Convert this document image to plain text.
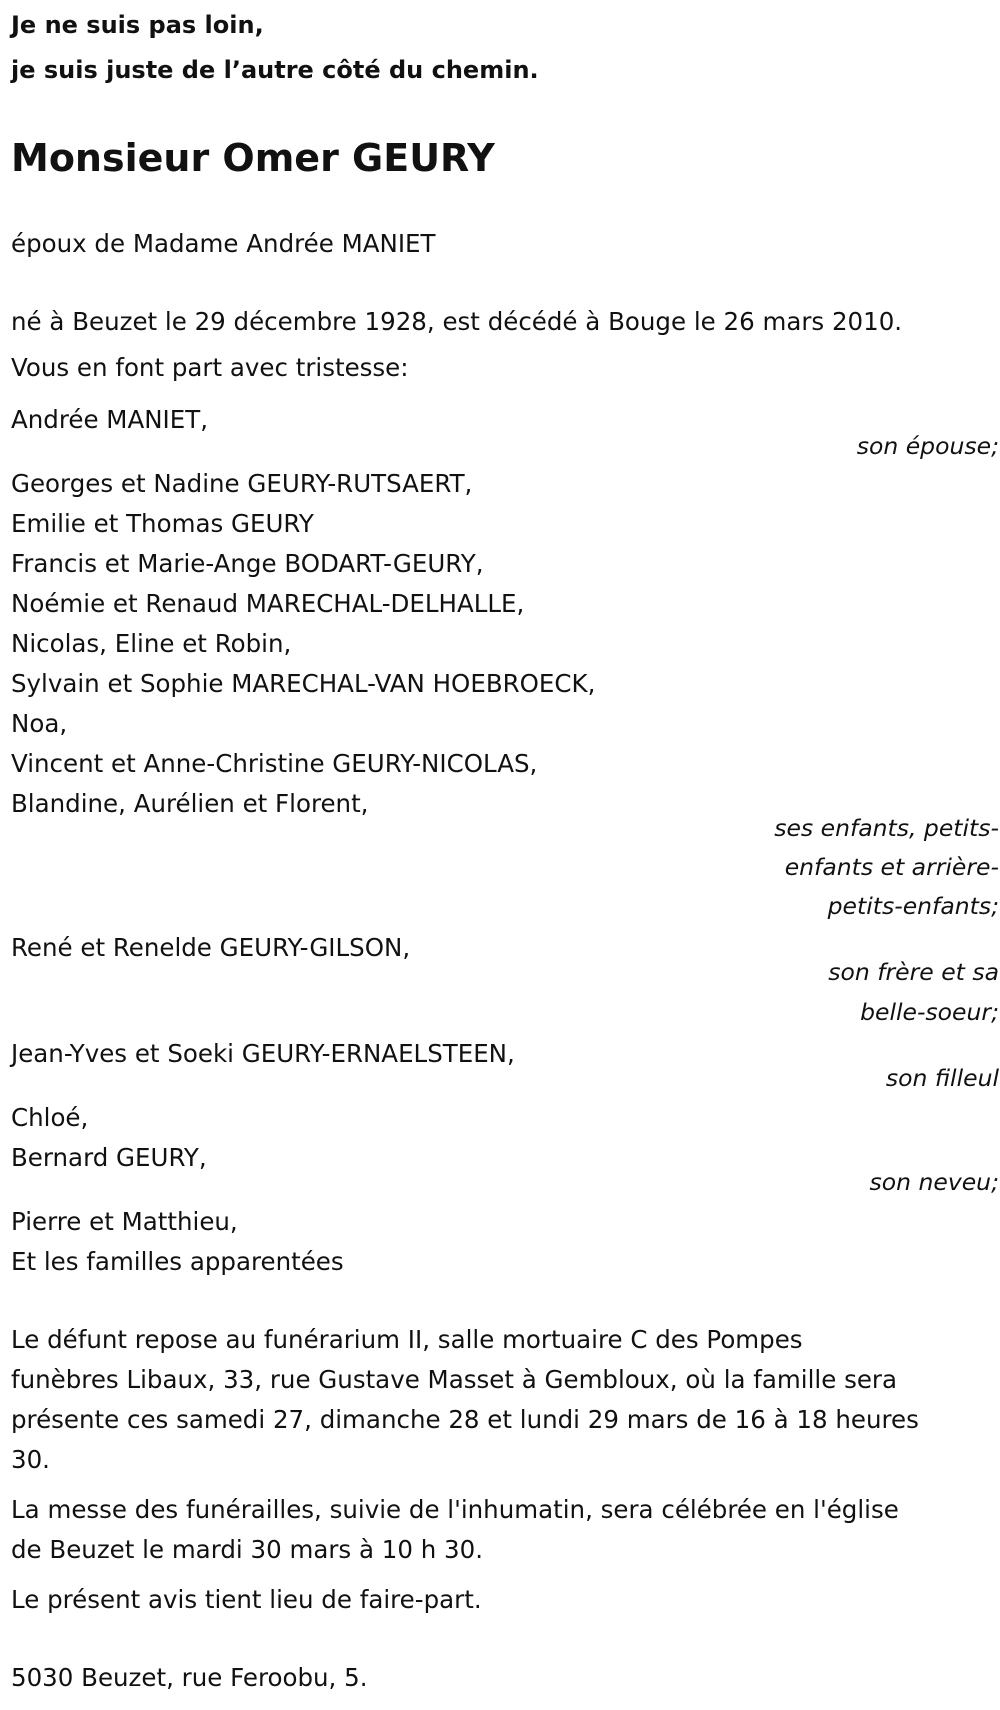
Je ne suis pas loin,
je suis juste de l’autre côté du chemin.
Monsieur Omer GEURY
époux de Madame Andrée MANIET
né à Beuzet le 29 décembre 1928, est décédé à Bouge le 26 mars 2010.
Vous en font part avec tristesse:
Andrée MANIET,
son épouse;
Georges et Nadine GEURY-RUTSAERT,
Emilie et Thomas GEURY
Francis et Marie-Ange BODART-GEURY,
Noémie et Renaud MARECHAL-DELHALLE,
Nicolas, Eline et Robin,
Sylvain et Sophie MARECHAL-VAN HOEBROECK,
Noa,
Vincent et Anne-Christine GEURY-NICOLAS,
Blandine, Aurélien et Florent,
ses enfants, petits-
enfants et arrière-
petits-enfants;
René et Renelde GEURY-GILSON,
son frère et sa
belle-soeur;
Jean-Yves et Soeki GEURY-ERNAELSTEEN,
son filleul
Chloé,
Bernard GEURY,
son neveu;
Pierre et Matthieu,
Et les familles apparentées
Le défunt repose au funérarium II, salle mortuaire C des Pompes
funèbres Libaux, 33, rue Gustave Masset à Gembloux, où la famille sera
présente ces samedi 27, dimanche 28 et lundi 29 mars de 16 à 18 heures
30.
La messe des funérailles, suivie de l'inhumatin, sera célébrée en l'église
de Beuzet le mardi 30 mars à 10 h 30.
Le présent avis tient lieu de faire-part.
5030 Beuzet, rue Feroobu, 5.
